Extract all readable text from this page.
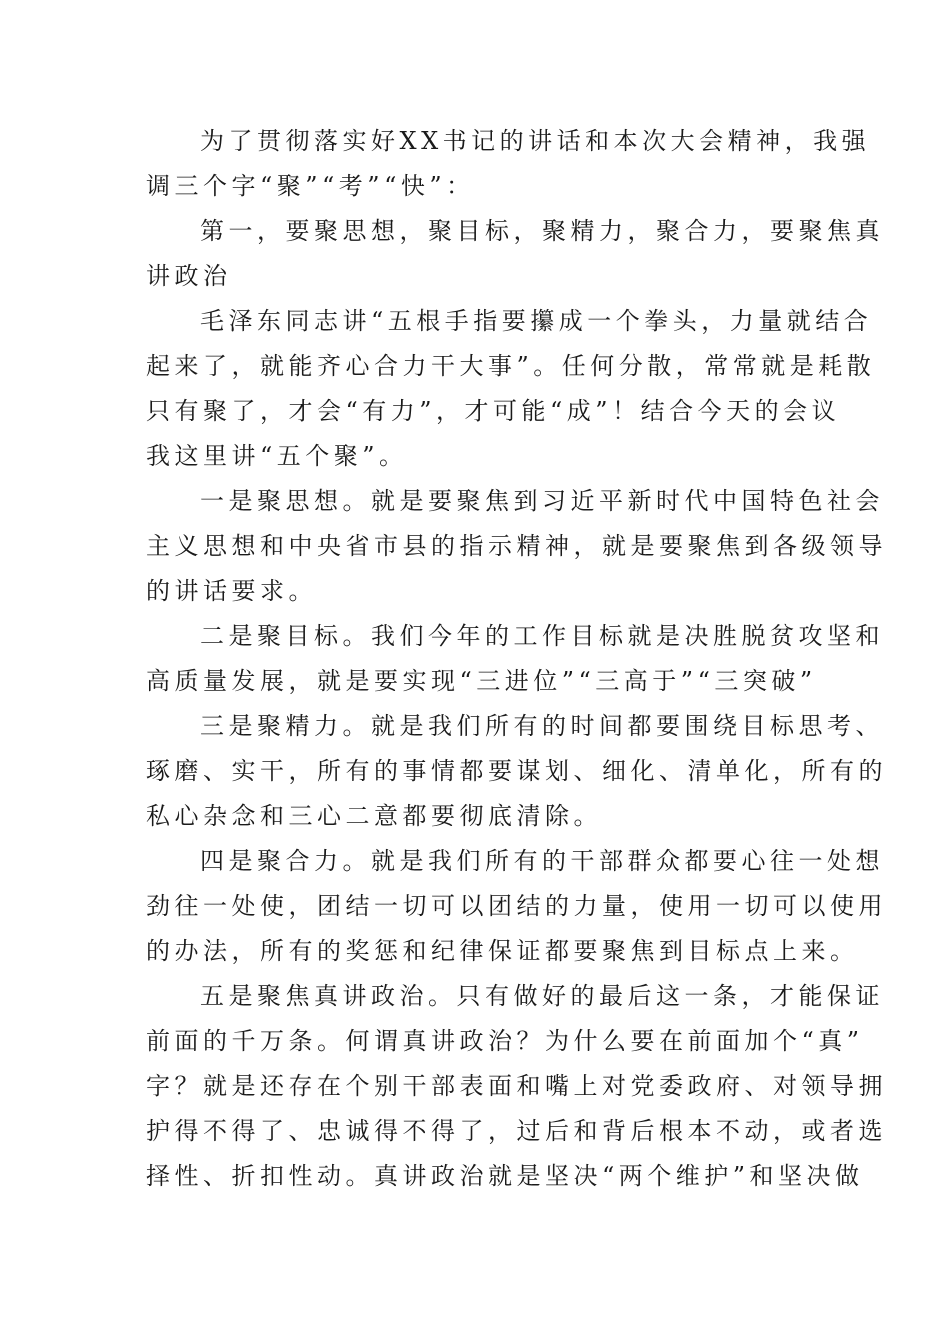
为了贯彻落实好XX书记的讲话和本次大会精神，我强
调三个字“聚”“考”“快”：

第一，要聚思想，聚目标，聚精力，聚合力，要聚焦真
讲政治

毛泽东同志讲“五根手指要攥成一个拳头，力量就结合
起来了，就能齐心合力干大事”。任何分散，常常就是耗散
只有聚了，才会“有力”，才可能“成”！结合今天的会议
我这里讲“五个聚”。

一是聚思想。就是要聚焦到习近平新时代中国特色社会
主义思想和中央省市县的指示精神，就是要聚焦到各级领导
的讲话要求。

二是聚目标。我们今年的工作目标就是决胜脱贫攻坚和
高质量发展，就是要实现“三进位”“三高于”“三突破”

三是聚精力。就是我们所有的时间都要围绕目标思考、
琢磨、实干，所有的事情都要谋划、细化、清单化，所有的
私心杂念和三心二意都要彻底清除。

四是聚合力。就是我们所有的干部群众都要心往一处想
劲往一处使，团结一切可以团结的力量，使用一切可以使用
的办法，所有的奖惩和纪律保证都要聚焦到目标点上来。

五是聚焦真讲政治。只有做好的最后这一条，才能保证
前面的千万条。何谓真讲政治？为什么要在前面加个“真”
字？就是还存在个别干部表面和嘴上对党委政府、对领导拥
护得不得了、忠诚得不得了，过后和背后根本不动，或者选
择性、折扣性动。真讲政治就是坚决“两个维护”和坚决做
